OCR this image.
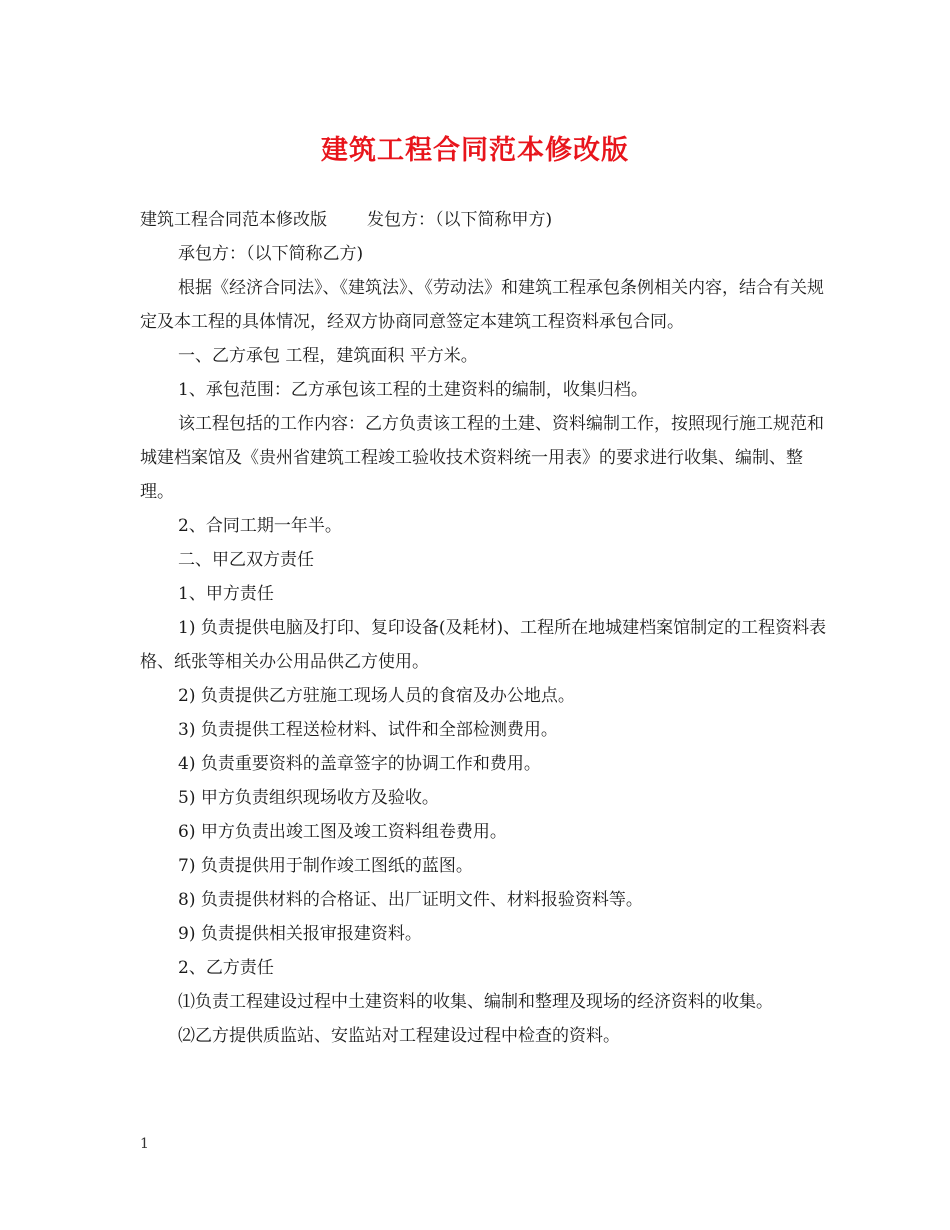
建筑工程合同范本修改版

建筑工程合同范本修改版 发包方：（以下简称甲方)

承包方：（以下简称乙方)

根据《经济合同法》、《建筑法》、《劳动法》和建筑工程承包条例相关内容，结合有关规定及本工程的具体情况，经双方协商同意签定本建筑工程资料承包合同。

一、乙方承包 工程，建筑面积 平方米。

1、承包范围：乙方承包该工程的土建资料的编制，收集归档。

该工程包括的工作内容：乙方负责该工程的土建、资料编制工作，按照现行施工规范和城建档案馆及《贵州省建筑工程竣工验收技术资料统一用表》的要求进行收集、编制、整理。

2、合同工期一年半。

二、甲乙双方责任

1、甲方责任

1) 负责提供电脑及打印、复印设备(及耗材)、工程所在地城建档案馆制定的工程资料表格、纸张等相关办公用品供乙方使用。

2) 负责提供乙方驻施工现场人员的食宿及办公地点。

3) 负责提供工程送检材料、试件和全部检测费用。

4) 负责重要资料的盖章签字的协调工作和费用。

5) 甲方负责组织现场收方及验收。

6) 甲方负责出竣工图及竣工资料组卷费用。

7) 负责提供用于制作竣工图纸的蓝图。

8) 负责提供材料的合格证、出厂证明文件、材料报验资料等。

9) 负责提供相关报审报建资料。

2、乙方责任

⑴负责工程建设过程中土建资料的收集、编制和整理及现场的经济资料的收集。

⑵乙方提供质监站、安监站对工程建设过程中检查的资料。

1
